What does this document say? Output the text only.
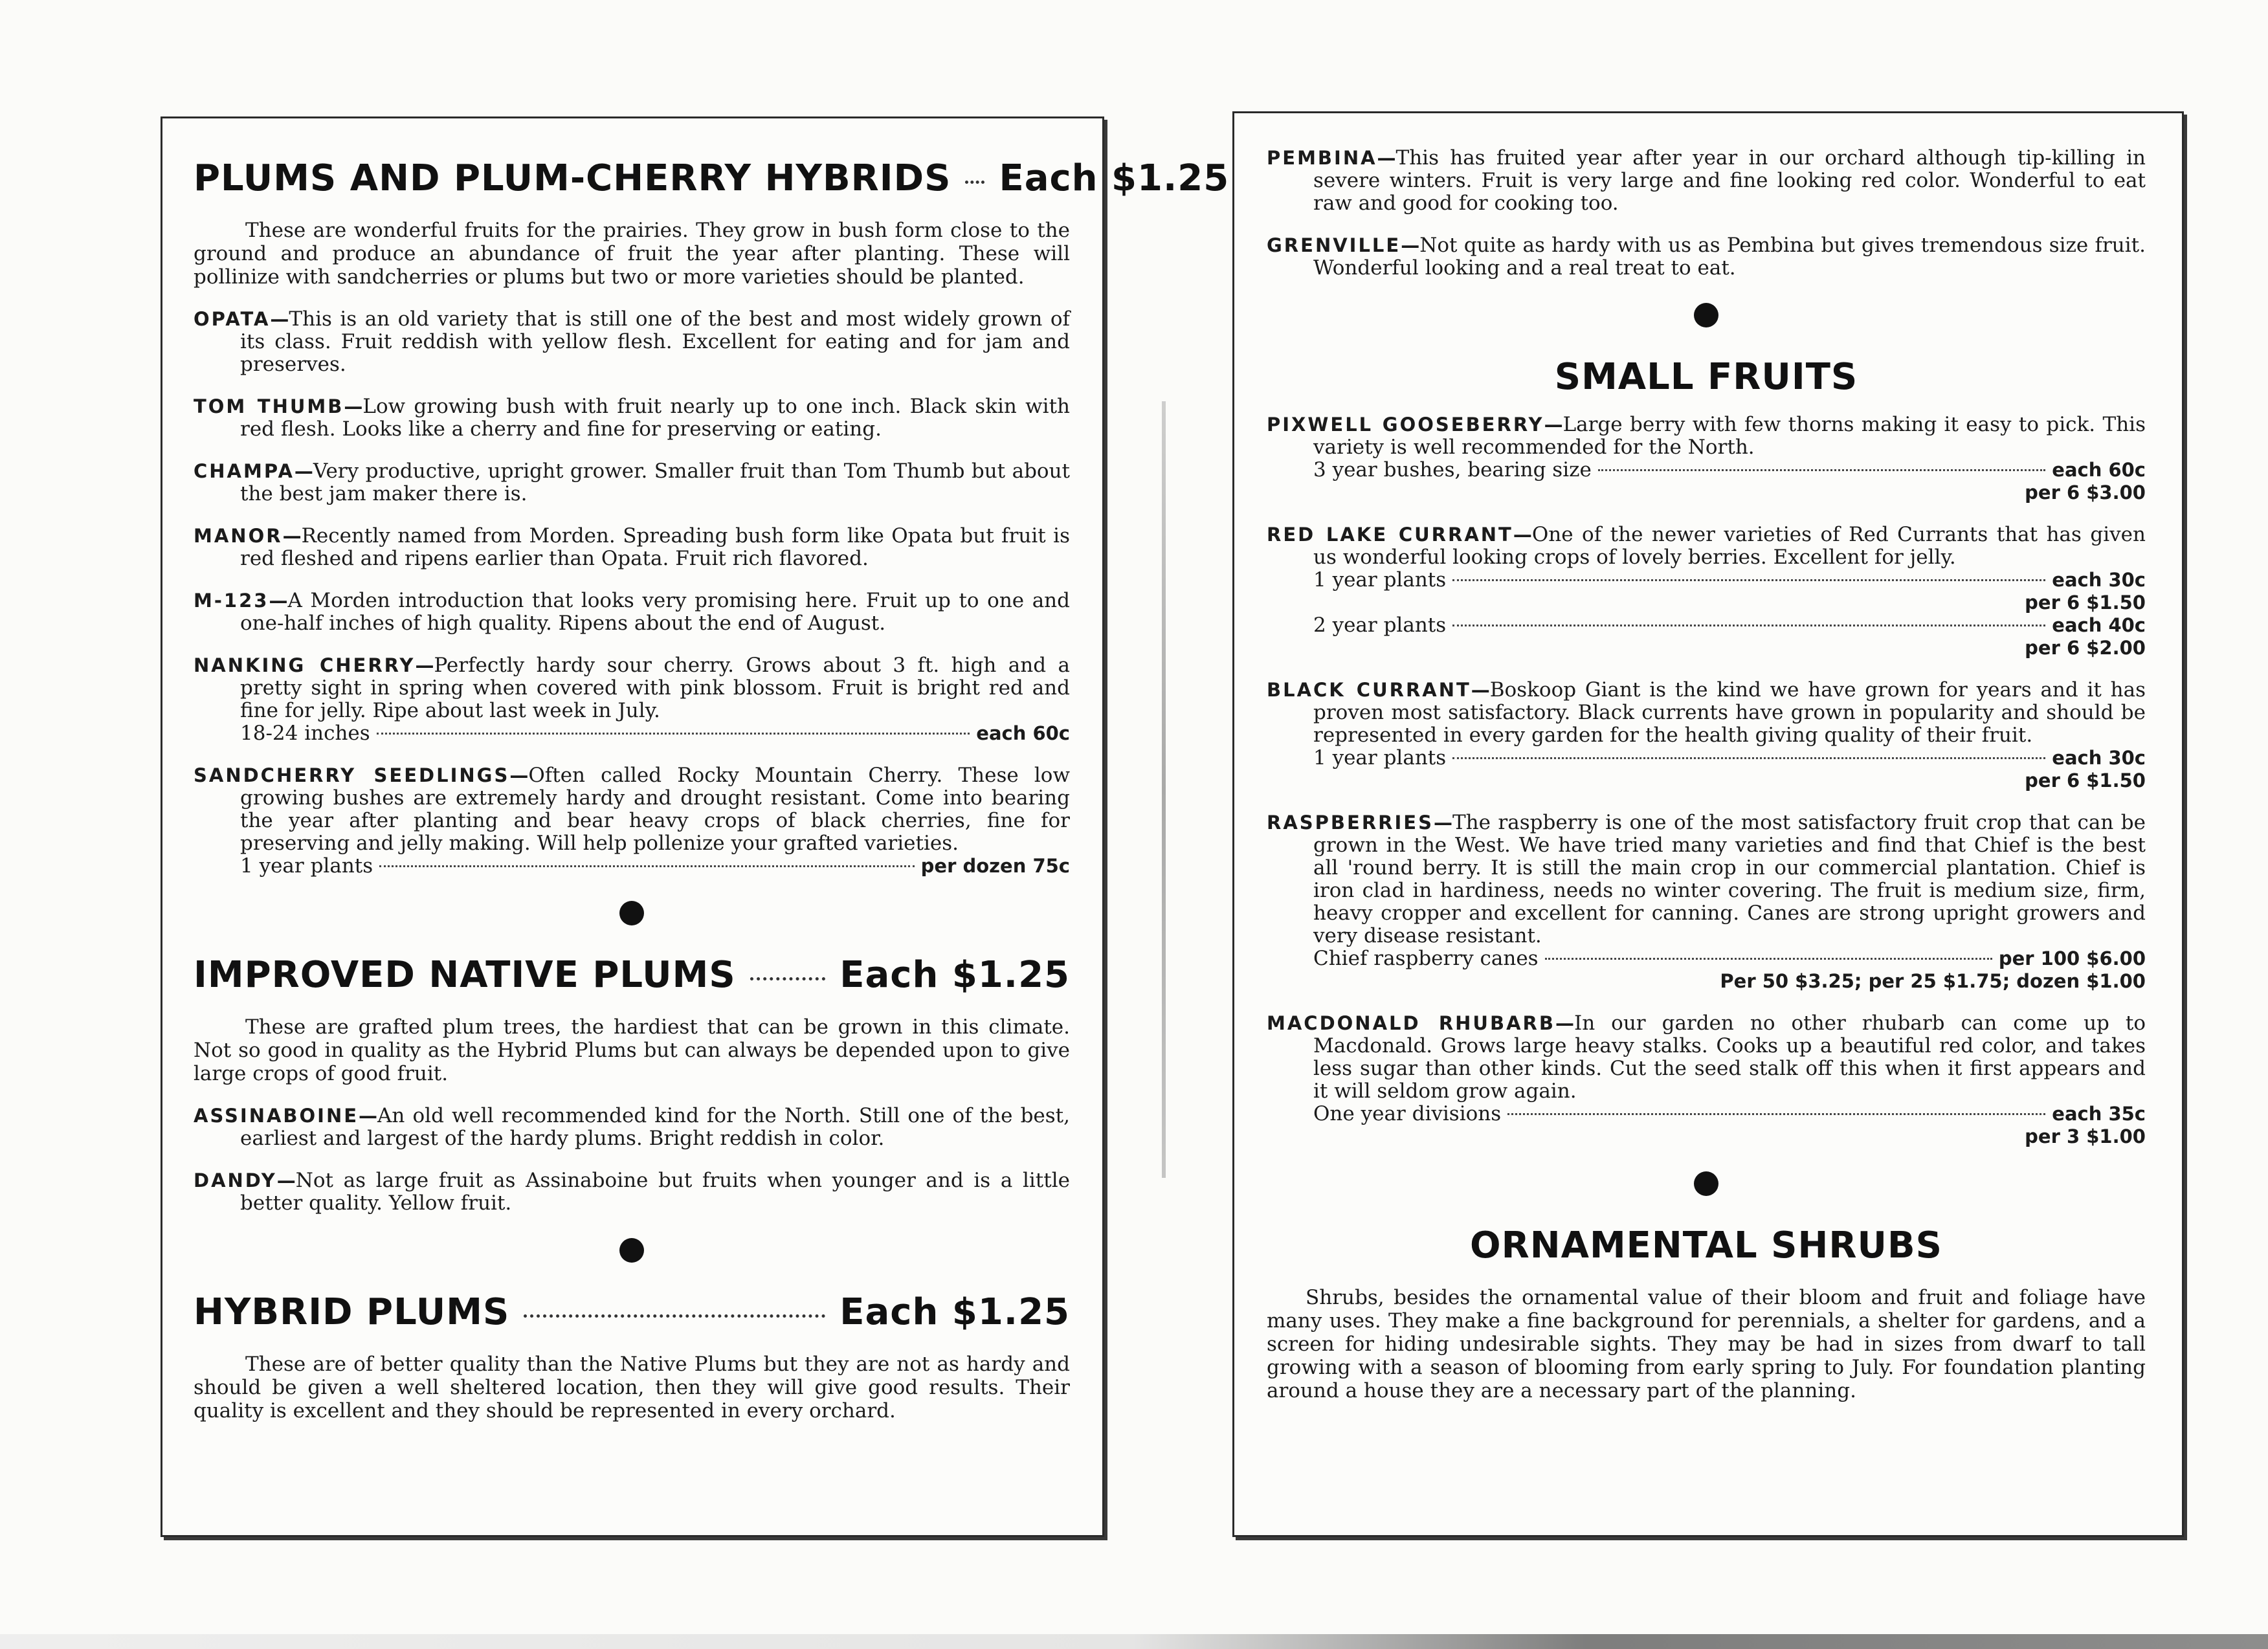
PLUMS AND PLUM-CHERRY HYBRIDS Each $1.25

These are wonderful fruits for the prairies. They grow in bush form close to the ground and produce an abundance of fruit the year after planting. These will pollinize with sandcherries or plums but two or more varieties should be planted.

OPATA — This is an old variety that is still one of the best and most widely grown of its class. Fruit reddish with yellow flesh. Excellent for eating and for jam and preserves.
TOM THUMB — Low growing bush with fruit nearly up to one inch. Black skin with red flesh. Looks like a cherry and fine for preserving or eating.
CHAMPA — Very productive, upright grower. Smaller fruit than Tom Thumb but about the best jam maker there is.
MANOR — Recently named from Morden. Spreading bush form like Opata but fruit is red fleshed and ripens earlier than Opata. Fruit rich flavored.
M-123 — A Morden introduction that looks very promising here. Fruit up to one and one-half inches of high quality. Ripens about the end of August.
NANKING CHERRY — Perfectly hardy sour cherry. Grows about 3 ft. high and a pretty sight in spring when covered with pink blossom. Fruit is bright red and fine for jelly. Ripe about last week in July.
18-24 inches	each 60c
SANDCHERRY SEEDLINGS — Often called Rocky Mountain Cherry. These low growing bushes are extremely hardy and drought resistant. Come into bearing the year after planting and bear heavy crops of black cherries, fine for preserving and jelly making. Will help pollenize your grafted varieties.
1 year plants	per dozen 75c
IMPROVED NATIVE PLUMS	Each $1.25

These are grafted plum trees, the hardiest that can be grown in this climate. Not so good in quality as the Hybrid Plums but can always be depended upon to give large crops of good fruit.

ASSINABOINE — An old well recommended kind for the North. Still one of the best, earliest and largest of the hardy plums. Bright reddish in color.
DANDY — Not as large fruit as Assinaboine but fruits when younger and is a little better quality. Yellow fruit.
HYBRID PLUMS	Each $1.25

These are of better quality than the Native Plums but they are not as hardy and should be given a well sheltered location, then they will give good results. Their quality is excellent and they should be represented in every orchard.

PEMBINA — This has fruited year after year in our orchard although tip-killing in severe winters. Fruit is very large and fine looking red color. Wonderful to eat raw and good for cooking too.
GRENVILLE — Not quite as hardy with us as Pembina but gives tremendous size fruit. Wonderful looking and a real treat to eat.
SMALL FRUITS
PIXWELL GOOSEBERRY — Large berry with few thorns making it easy to pick. This variety is well recommended for the North.
3 year bushes, bearing size	each 60c
per 6 $3.00
RED LAKE CURRANT — One of the newer varieties of Red Currants that has given us wonderful looking crops of lovely berries. Excellent for jelly.
1 year plants	each 30c
per 6 $1.50
2 year plants	each 40c
per 6 $2.00
BLACK CURRANT — Boskoop Giant is the kind we have grown for years and it has proven most satisfactory. Black currents have grown in popularity and should be represented in every garden for the health giving quality of their fruit.
1 year plants	each 30c
per 6 $1.50
RASPBERRIES — The raspberry is one of the most satisfactory fruit crop that can be grown in the West. We have tried many varieties and find that Chief is the best all 'round berry. It is still the main crop in our commercial plantation. Chief is iron clad in hardiness, needs no winter covering. The fruit is medium size, firm, heavy cropper and excellent for canning. Canes are strong upright growers and very disease resistant.
Chief raspberry canes	per 100 $6.00
Per 50 $3.25; per 25 $1.75; dozen $1.00
MACDONALD RHUBARB — In our garden no other rhubarb can come up to Macdonald. Grows large heavy stalks. Cooks up a beautiful red color, and takes less sugar than other kinds. Cut the seed stalk off this when it first appears and it will seldom grow again.
One year divisions	each 35c
per 3 $1.00
ORNAMENTAL SHRUBS

Shrubs, besides the ornamental value of their bloom and fruit and foliage have many uses. They make a fine background for perennials, a shelter for gardens, and a screen for hiding undesirable sights. They may be had in sizes from dwarf to tall growing with a season of blooming from early spring to July. For foundation planting around a house they are a necessary part of the planning.
